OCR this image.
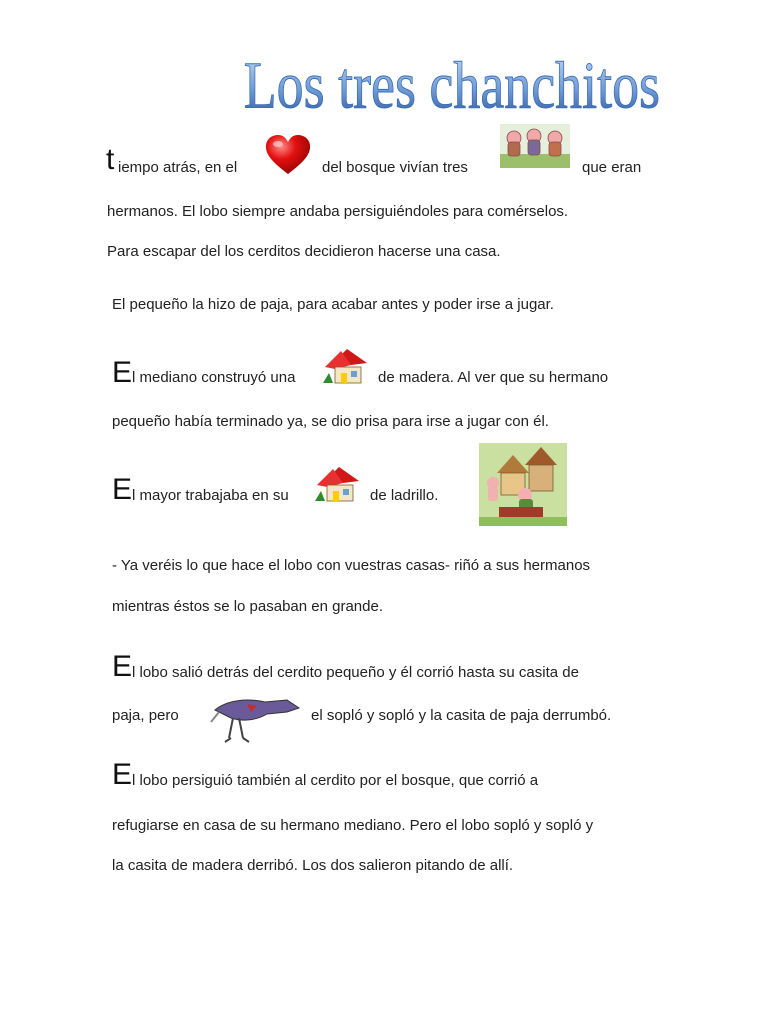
Los tres chanchitos
t iempo atrás, en el	del bosque vivían tres	que eran
hermanos. El lobo siempre andaba persiguiéndoles para comérselos.
Para escapar del los cerditos decidieron hacerse una casa.
El pequeño la hizo de paja, para acabar antes y poder irse a jugar.
E l mediano construyó una	de madera. Al ver que su hermano
pequeño había terminado ya, se dio prisa para irse a jugar con él.
E l mayor trabajaba en su	de ladrillo.
- Ya veréis lo que hace el lobo con vuestras casas- riñó a sus hermanos
mientras éstos se lo pasaban en grande.
E l lobo salió detrás del cerdito pequeño y él corrió hasta su casita de
paja, pero	el sopló y sopló y la casita de paja derrumbó.
E l lobo persiguió también al cerdito por el bosque, que corrió a
refugiarse en casa de su hermano mediano. Pero el lobo sopló y sopló y
la casita de madera derribó. Los dos salieron pitando de allí.
